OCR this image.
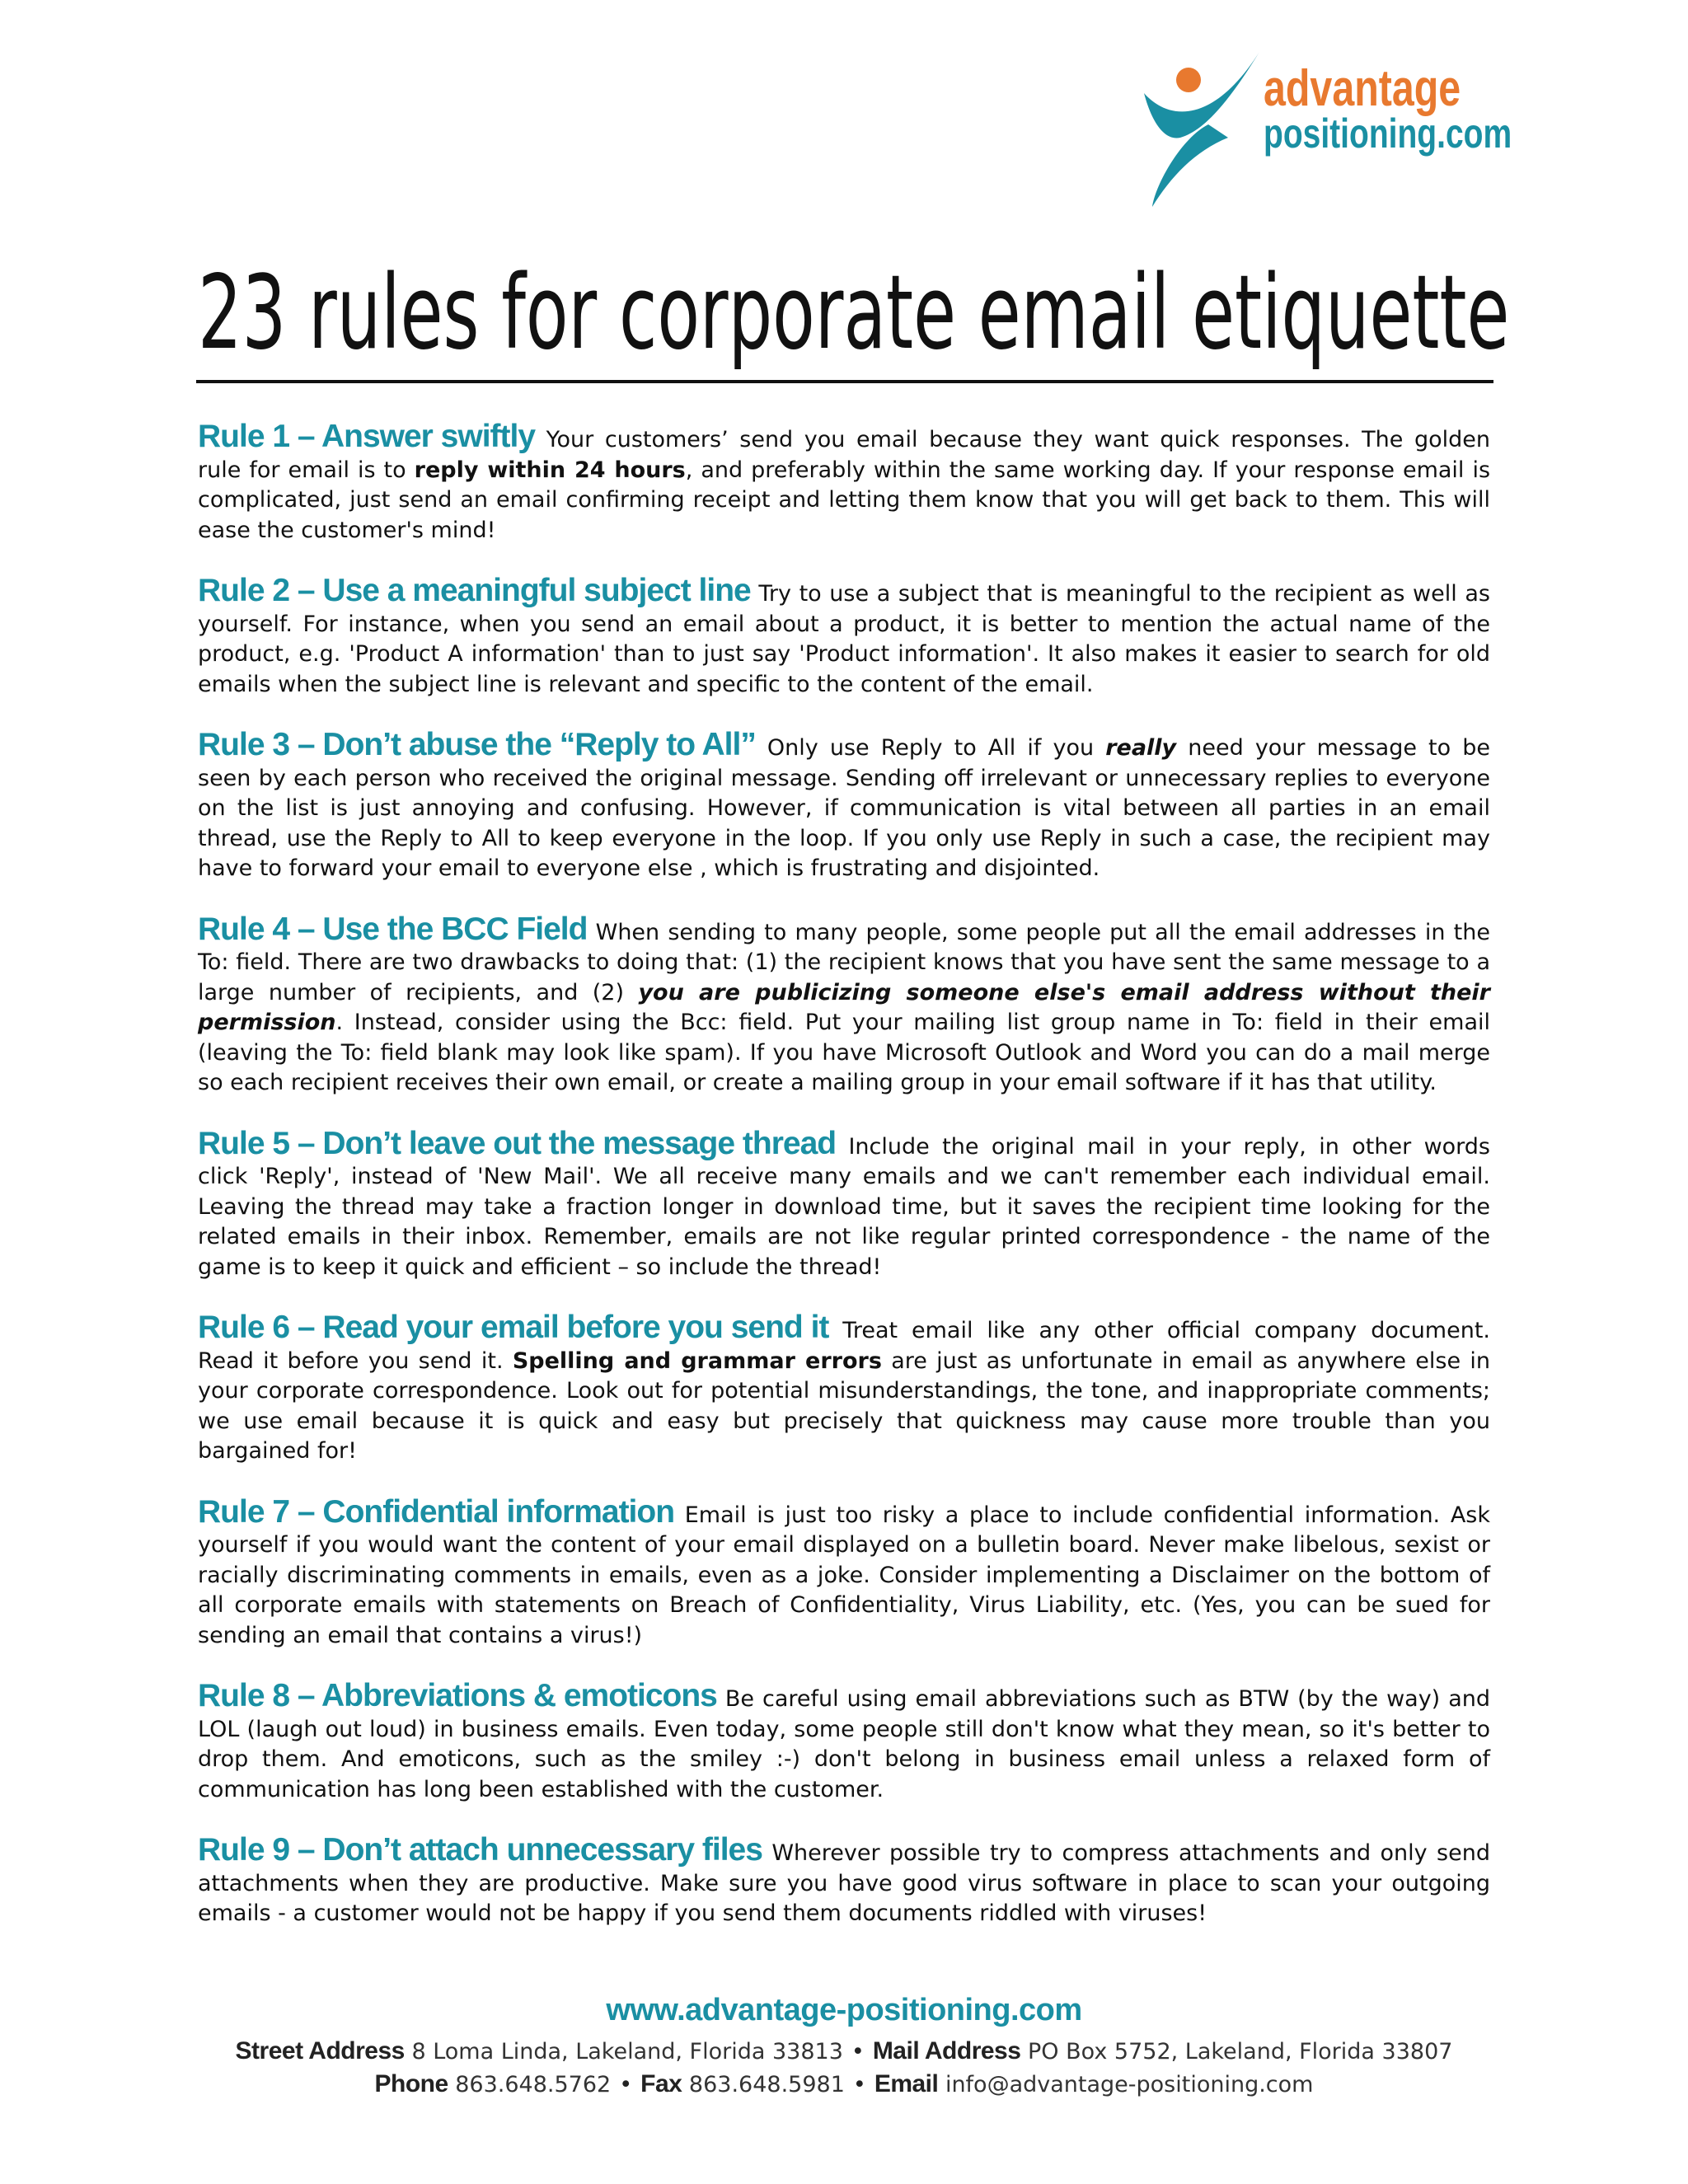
advantage
positioning.com
23 rules for corporate email etiquette

Rule 1 – Answer swiftly Your customers’ send you email because they want quick responses. The golden rule for email is to reply within 24 hours, and preferably within the same working day. If your response email is complicated, just send an email confirming receipt and letting them know that you will get back to them. This will ease the customer's mind!

Rule 2 – Use a meaningful subject line Try to use a subject that is meaningful to the recipient as well as yourself. For instance, when you send an email about a product, it is better to mention the actual name of the product, e.g. 'Product A information' than to just say 'Product information'. It also makes it easier to search for old emails when the subject line is relevant and specific to the content of the email.

Rule 3 – Don’t abuse the “Reply to All” Only use Reply to All if you really need your message to be seen by each person who received the original message. Sending off irrelevant or unnecessary replies to everyone on the list is just annoying and confusing. However, if communication is vital between all parties in an email thread, use the Reply to All to keep everyone in the loop. If you only use Reply in such a case, the recipient may have to forward your email to everyone else , which is frustrating and disjointed.

Rule 4 – Use the BCC Field When sending to many people, some people put all the email addresses in the To: field. There are two drawbacks to doing that: (1) the recipient knows that you have sent the same message to a large number of recipients, and (2) you are publicizing someone else's email address without their permission. Instead, consider using the Bcc: field. Put your mailing list group name in To: field in their email (leaving the To: field blank may look like spam). If you have Microsoft Outlook and Word you can do a mail merge so each recipient receives their own email, or create a mailing group in your email software if it has that utility.

Rule 5 – Don’t leave out the message thread Include the original mail in your reply, in other words click 'Reply', instead of 'New Mail'. We all receive many emails and we can't remember each individual email. Leaving the thread may take a fraction longer in download time, but it saves the recipient time looking for the related emails in their inbox. Remember, emails are not like regular printed correspondence - the name of the game is to keep it quick and efficient – so include the thread!

Rule 6 – Read your email before you send it Treat email like any other official company document. Read it before you send it. Spelling and grammar errors are just as unfortunate in email as anywhere else in your corporate correspondence. Look out for potential misunderstandings, the tone, and inappropriate comments; we use email because it is quick and easy but precisely that quickness may cause more trouble than you bargained for!

Rule 7 – Confidential information Email is just too risky a place to include confidential information. Ask yourself if you would want the content of your email displayed on a bulletin board. Never make libelous, sexist or racially discriminating comments in emails, even as a joke. Consider implementing a Disclaimer on the bottom of all corporate emails with statements on Breach of Confidentiality, Virus Liability, etc. (Yes, you can be sued for sending an email that contains a virus!)

Rule 8 – Abbreviations & emoticons Be careful using email abbreviations such as BTW (by the way) and LOL (laugh out loud) in business emails. Even today, some people still don't know what they mean, so it's better to drop them. And emoticons, such as the smiley :-) don't belong in business email unless a relaxed form of communication has long been established with the customer.

Rule 9 – Don’t attach unnecessary files Wherever possible try to compress attachments and only send attachments when they are productive. Make sure you have good virus software in place to scan your outgoing emails - a customer would not be happy if you send them documents riddled with viruses!

www.advantage-positioning.com
Street Address 8 Loma Linda, Lakeland, Florida 33813 • Mail Address PO Box 5752, Lakeland, Florida 33807
Phone 863.648.5762 • Fax 863.648.5981 • Email info@advantage-positioning.com
